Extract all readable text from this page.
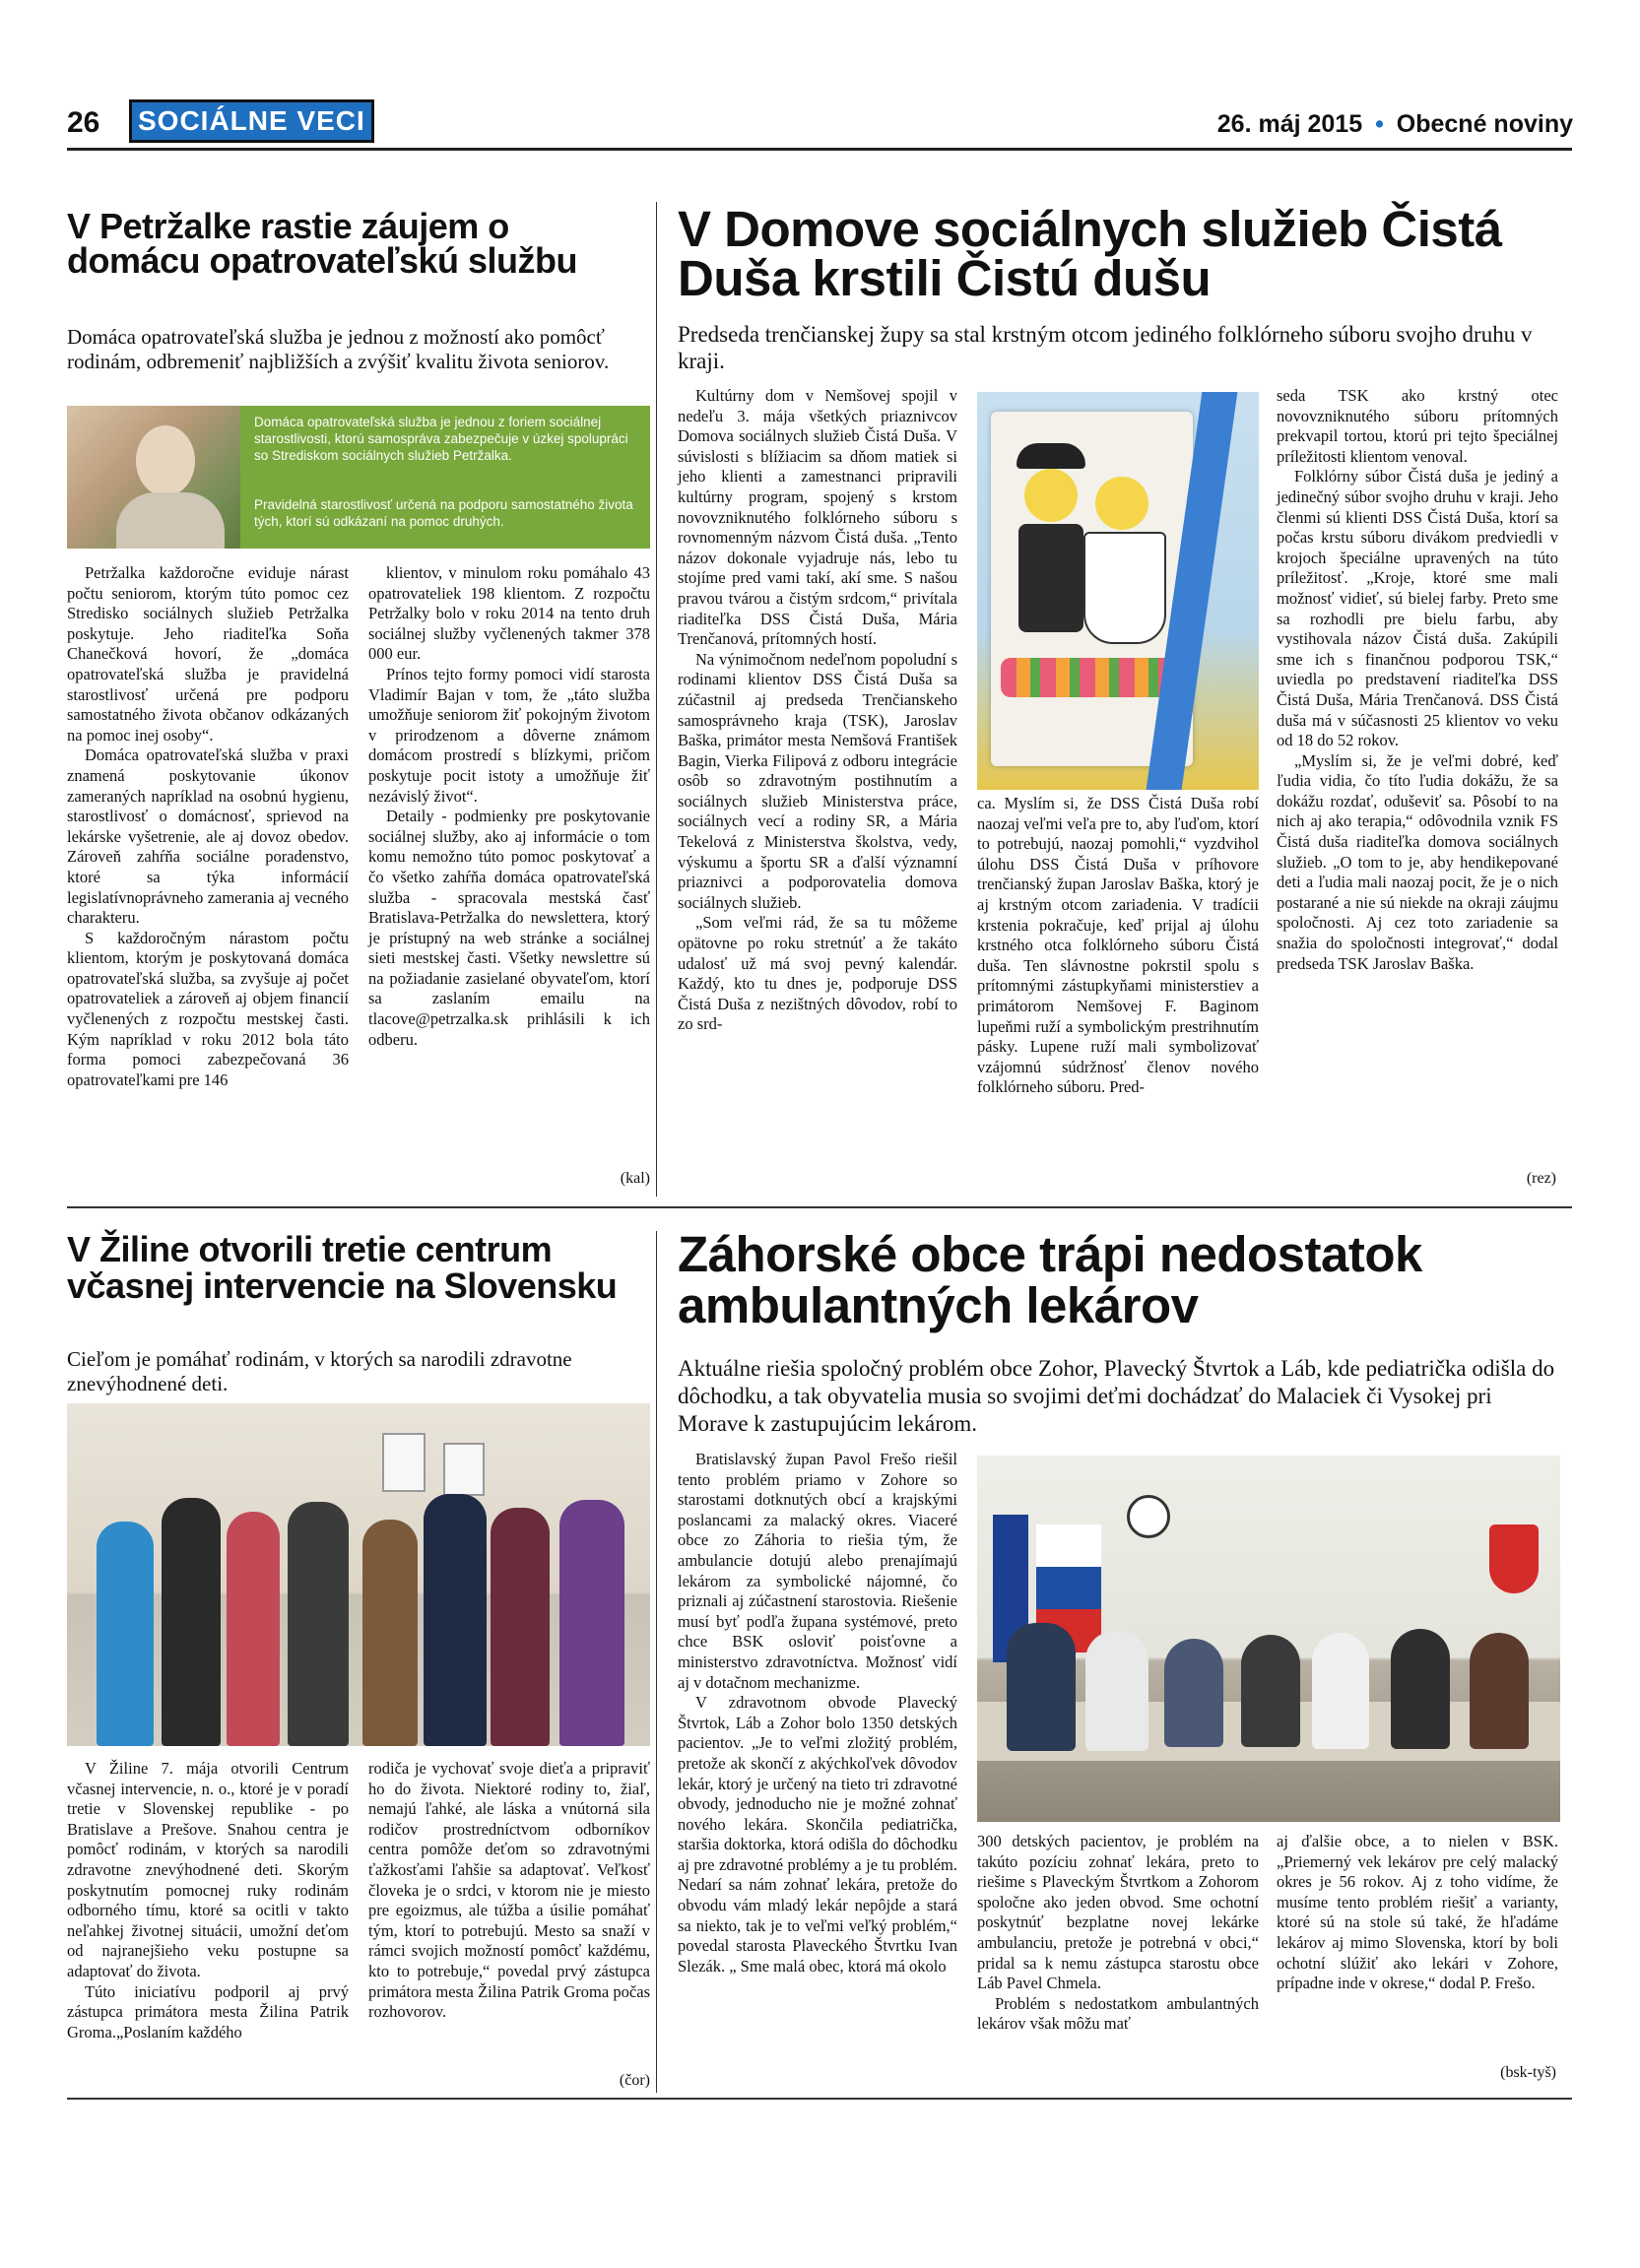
26 SOCIÁLNE VECI	26. máj 2015 • Obecné noviny
V Petržalke rastie záujem o domácu opatrovateľskú službu
Domáca opatrovateľská služba je jednou z možností ako pomôcť rodinám, odbremeniť najbližších a zvýšiť kvalitu života seniorov.
Domáca opatrovateľská služba je jednou z foriem sociálnej starostlivosti, ktorú samospráva zabezpečuje v úzkej spolupráci so Strediskom sociálnych služieb Petržalka.
Pravidelná starostlivosť určená na podporu samostatného života tých, ktorí sú odkázaní na pomoc druhých.

Petržalka každoročne eviduje nárast počtu seniorom, ktorým túto pomoc cez Stredisko sociálnych služieb Petržalka poskytuje. Jeho riaditeľka Soňa Chanečková hovorí, že „domáca opatrovateľská služba je pravidelná starostlivosť určená pre podporu samostatného života občanov odkázaných na pomoc inej osoby“.

Domáca opatrovateľská služba v praxi znamená poskytovanie úkonov zameraných napríklad na osobnú hygienu, starostlivosť o domácnosť, sprievod na lekárske vyšetrenie, ale aj dovoz obedov. Zároveň zahŕňa sociálne poradenstvo, ktoré sa týka informácií legislatívnoprávneho zamerania aj vecného charakteru.

S každoročným nárastom počtu klientom, ktorým je poskytovaná domáca opatrovateľská služba, sa zvyšuje aj počet opatrovateliek a zároveň aj objem financií vyčlenených z rozpočtu mestskej časti. Kým napríklad v roku 2012 bola táto forma pomoci zabezpečovaná 36 opatrovateľkami pre 146

klientov, v minulom roku pomáhalo 43 opatrovateliek 198 klientom. Z rozpočtu Petržalky bolo v roku 2014 na tento druh sociálnej služby vyčlenených takmer 378 000 eur.

Prínos tejto formy pomoci vidí starosta Vladimír Bajan v tom, že „táto služba umožňuje seniorom žiť pokojným životom v prirodzenom a dôverne známom domácom prostredí s blízkymi, pričom poskytuje pocit istoty a umožňuje žiť nezávislý život“.

Detaily - podmienky pre poskytovanie sociálnej služby, ako aj informácie o tom komu nemožno túto pomoc poskytovať a čo všetko zahŕňa domáca opatrovateľská služba - spracovala mestská časť Bratislava-Petržalka do newslettera, ktorý je prístupný na web stránke a sociálnej sieti mestskej časti. Všetky newslettre sú na požiadanie zasielané obyvateľom, ktorí sa zaslaním emailu na tlacove@petrzalka.sk prihlásili k ich odberu.

(kal)
V Domove sociálnych služieb Čistá Duša krstili Čistú dušu
Predseda trenčianskej župy sa stal krstným otcom jediného folklórneho súboru svojho druhu v kraji.

Kultúrny dom v Nemšovej spojil v nedeľu 3. mája všetkých priaznivcov Domova sociálnych služieb Čistá Duša. V súvislosti s blížiacim sa dňom matiek si jeho klienti a zamestnanci pripravili kultúrny program, spojený s krstom novovzniknutého folklórneho súboru s rovnomenným názvom Čistá duša. „Tento názov dokonale vyjadruje nás, lebo tu stojíme pred vami takí, akí sme. S našou pravou tvárou a čistým srdcom,“ privítala riaditeľka DSS Čistá Duša, Mária Trenčanová, prítomných hostí.

Na výnimočnom nedeľnom popoludní s rodinami klientov DSS Čistá Duša sa zúčastnil aj predseda Trenčianskeho samosprávneho kraja (TSK), Jaroslav Baška, primátor mesta Nemšová František Bagin, Vierka Filipová z odboru integrácie osôb so zdravotným postihnutím a sociálnych služieb Ministerstva práce, sociálnych vecí a rodiny SR, a Mária Tekelová z Ministerstva školstva, vedy, výskumu a športu SR a ďalší významní priaznivci a podporovatelia domova sociálnych služieb.

„Som veľmi rád, že sa tu môžeme opätovne po roku stretnúť a že takáto udalosť už má svoj pevný kalendár. Každý, kto tu dnes je, podporuje DSS Čistá Duša z nezištných dôvodov, robí to zo srd-

ca. Myslím si, že DSS Čistá Duša robí naozaj veľmi veľa pre to, aby ľuďom, ktorí to potrebujú, naozaj pomohli,“ vyzdvihol úlohu DSS Čistá Duša v príhovore trenčianský župan Jaroslav Baška, ktorý je aj krstným otcom zariadenia. V tradícii krstenia pokračuje, keď prijal aj úlohu krstného otca folklórneho súboru Čistá duša. Ten slávnostne pokrstil spolu s prítomnými zástupkyňami ministerstiev a primátorom Nemšovej F. Baginom lupeňmi ruží a symbolickým prestrihnutím pásky. Lupene ruží mali symbolizovať vzájomnú súdržnosť členov nového folklórneho súboru. Pred-

seda TSK ako krstný otec novovzniknutého súboru prítomných prekvapil tortou, ktorú pri tejto špeciálnej príležitosti klientom venoval.

Folklórny súbor Čistá duša je jediný a jedinečný súbor svojho druhu v kraji. Jeho členmi sú klienti DSS Čistá Duša, ktorí sa počas krstu súboru divákom predviedli v krojoch špeciálne upravených na túto príležitosť. „Kroje, ktoré sme mali možnosť vidieť, sú bielej farby. Preto sme sa rozhodli pre bielu farbu, aby vystihovala názov Čistá duša. Zakúpili sme ich s finančnou podporou TSK,“ uviedla po predstavení riaditeľka DSS Čistá Duša, Mária Trenčanová. DSS Čistá duša má v súčasnosti 25 klientov vo veku od 18 do 52 rokov.

„Myslím si, že je veľmi dobré, keď ľudia vidia, čo títo ľudia dokážu, že sa dokážu rozdať, oduševiť sa. Pôsobí to na nich aj ako terapia,“ odôvodnila vznik FS Čistá duša riaditeľka domova sociálnych služieb. „O tom to je, aby hendikepované deti a ľudia mali naozaj pocit, že je o nich postarané a nie sú niekde na okraji záujmu spoločnosti. Aj cez toto zariadenie sa snažia do spoločnosti integrovať,“ dodal predseda TSK Jaroslav Baška.

(rez)
V Žiline otvorili tretie centrum včasnej intervencie na Slovensku
Cieľom je pomáhať rodinám, v ktorých sa narodili zdravotne znevýhodnené deti.

V Žiline 7. mája otvorili Centrum včasnej intervencie, n. o., ktoré je v poradí tretie v Slovenskej republike - po Bratislave a Prešove. Snahou centra je pomôcť rodinám, v ktorých sa narodili zdravotne znevýhodnené deti. Skorým poskytnutím pomocnej ruky rodinám odborného tímu, ktoré sa ocitli v takto neľahkej životnej situácii, umožní deťom od najranejšieho veku postupne sa adaptovať do života.

Túto iniciatívu podporil aj prvý zástupca primátora mesta Žilina Patrik Groma.„Poslaním každého

rodiča je vychovať svoje dieťa a pripraviť ho do života. Niektoré rodiny to, žiaľ, nemajú ľahké, ale láska a vnútorná sila rodičov prostredníctvom odborníkov centra pomôže deťom so zdravotnými ťažkosťami ľahšie sa adaptovať. Veľkosť človeka je o srdci, v ktorom nie je miesto pre egoizmus, ale túžba a úsilie pomáhať tým, ktorí to potrebujú. Mesto sa snaží v rámci svojich možností pomôcť každému, kto to potrebuje,“ povedal prvý zástupca primátora mesta Žilina Patrik Groma počas rozhovorov.

(čor)
Záhorské obce trápi nedostatok ambulantných lekárov
Aktuálne riešia spoločný problém obce Zohor, Plavecký Štvrtok a Láb, kde pediatrička odišla do dôchodku, a tak obyvatelia musia so svojimi deťmi dochádzať do Malaciek či Vysokej pri Morave k zastupujúcim lekárom.

Bratislavský župan Pavol Frešo riešil tento problém priamo v Zohore so starostami dotknutých obcí a krajskými poslancami za malacký okres. Viaceré obce zo Záhoria to riešia tým, že ambulancie dotujú alebo prenajímajú lekárom za symbolické nájomné, čo priznali aj zúčastnení starostovia. Riešenie musí byť podľa župana systémové, preto chce BSK osloviť poisťovne a ministerstvo zdravotníctva. Možnosť vidí aj v dotačnom mechanizme.

V zdravotnom obvode Plavecký Štvrtok, Láb a Zohor bolo 1350 detských pacientov. „Je to veľmi zložitý problém, pretože ak skončí z akýchkoľvek dôvodov lekár, ktorý je určený na tieto tri zdravotné obvody, jednoducho nie je možné zohnať nového lekára. Skončila pediatrička, staršia doktorka, ktorá odišla do dôchodku aj pre zdravotné problémy a je tu problém. Nedarí sa nám zohnať lekára, pretože do obvodu vám mladý lekár nepôjde a stará sa niekto, tak je to veľmi veľký problém,“ povedal starosta Plaveckého Štvrtku Ivan Slezák. „ Sme malá obec, ktorá má okolo

300 detských pacientov, je problém na takúto pozíciu zohnať lekára, preto to riešime s Plaveckým Štvrtkom a Zohorom spoločne ako jeden obvod. Sme ochotní poskytnúť bezplatne novej lekárke ambulanciu, pretože je potrebná v obci,“ pridal sa k nemu zástupca starostu obce Láb Pavel Chmela.

Problém s nedostatkom ambulantných lekárov však môžu mať

aj ďalšie obce, a to nielen v BSK. „Priemerný vek lekárov pre celý malacký okres je 56 rokov. Aj z toho vidíme, že musíme tento problém riešiť a varianty, ktoré sú na stole sú také, že hľadáme lekárov aj mimo Slovenska, ktorí by boli ochotní slúžiť ako lekári v Zohore, prípadne inde v okrese,“ dodal P. Frešo.

(bsk-tyš)
